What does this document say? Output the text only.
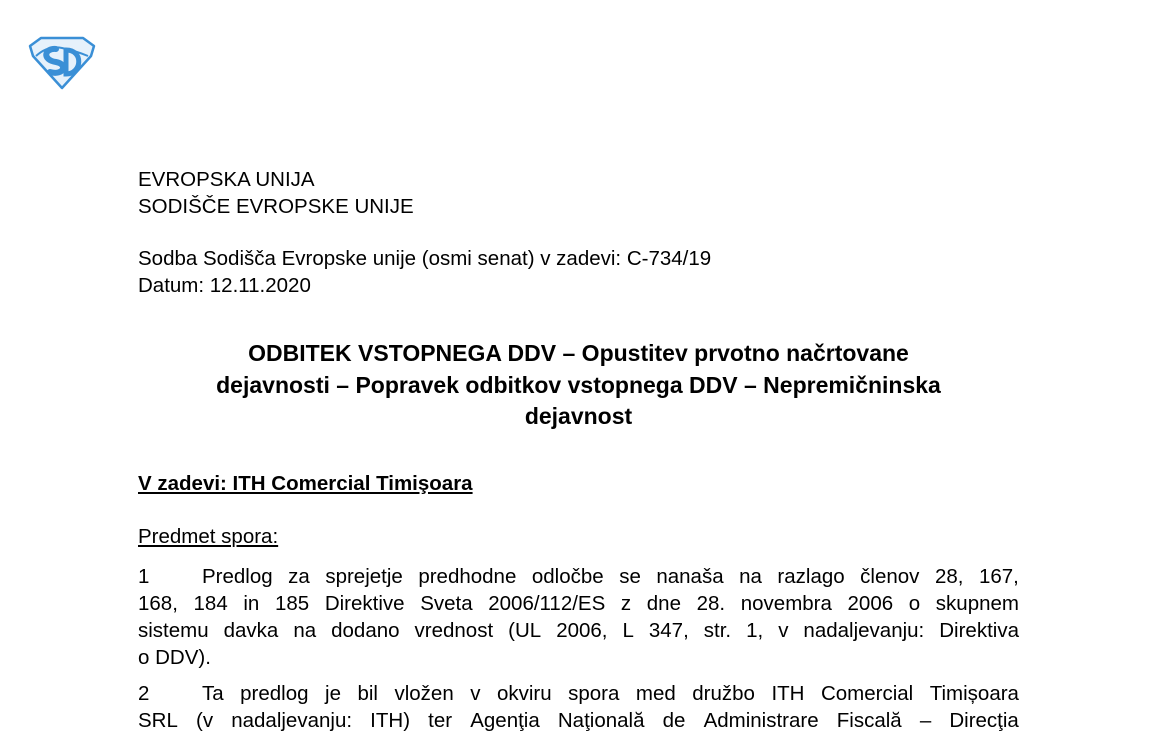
EVROPSKA UNIJA
SODIŠČE EVROPSKE UNIJE
Sodba Sodišča Evropske unije (osmi senat) v zadevi: C-734/19
Datum: 12.11.2020
ODBITEK VSTOPNEGA DDV – Opustitev prvotno načrtovane
dejavnosti – Popravek odbitkov vstopnega DDV – Nepremičninska
dejavnost
V zadevi: ITH Comercial Timişoara
Predmet spora:
1	Predlog za sprejetje predhodne odločbe se nanaša na razlago členov 28, 167,
168, 184 in 185 Direktive Sveta 2006/112/ES z dne 28. novembra 2006 o skupnem
sistemu davka na dodano vrednost (UL 2006, L 347, str. 1, v nadaljevanju: Direktiva
o DDV).
2	Ta predlog je bil vložen v okviru spora med družbo ITH Comercial Timișoara
SRL (v nadaljevanju: ITH) ter Agenţia Naţională de Administrare Fiscală – Direcţia
